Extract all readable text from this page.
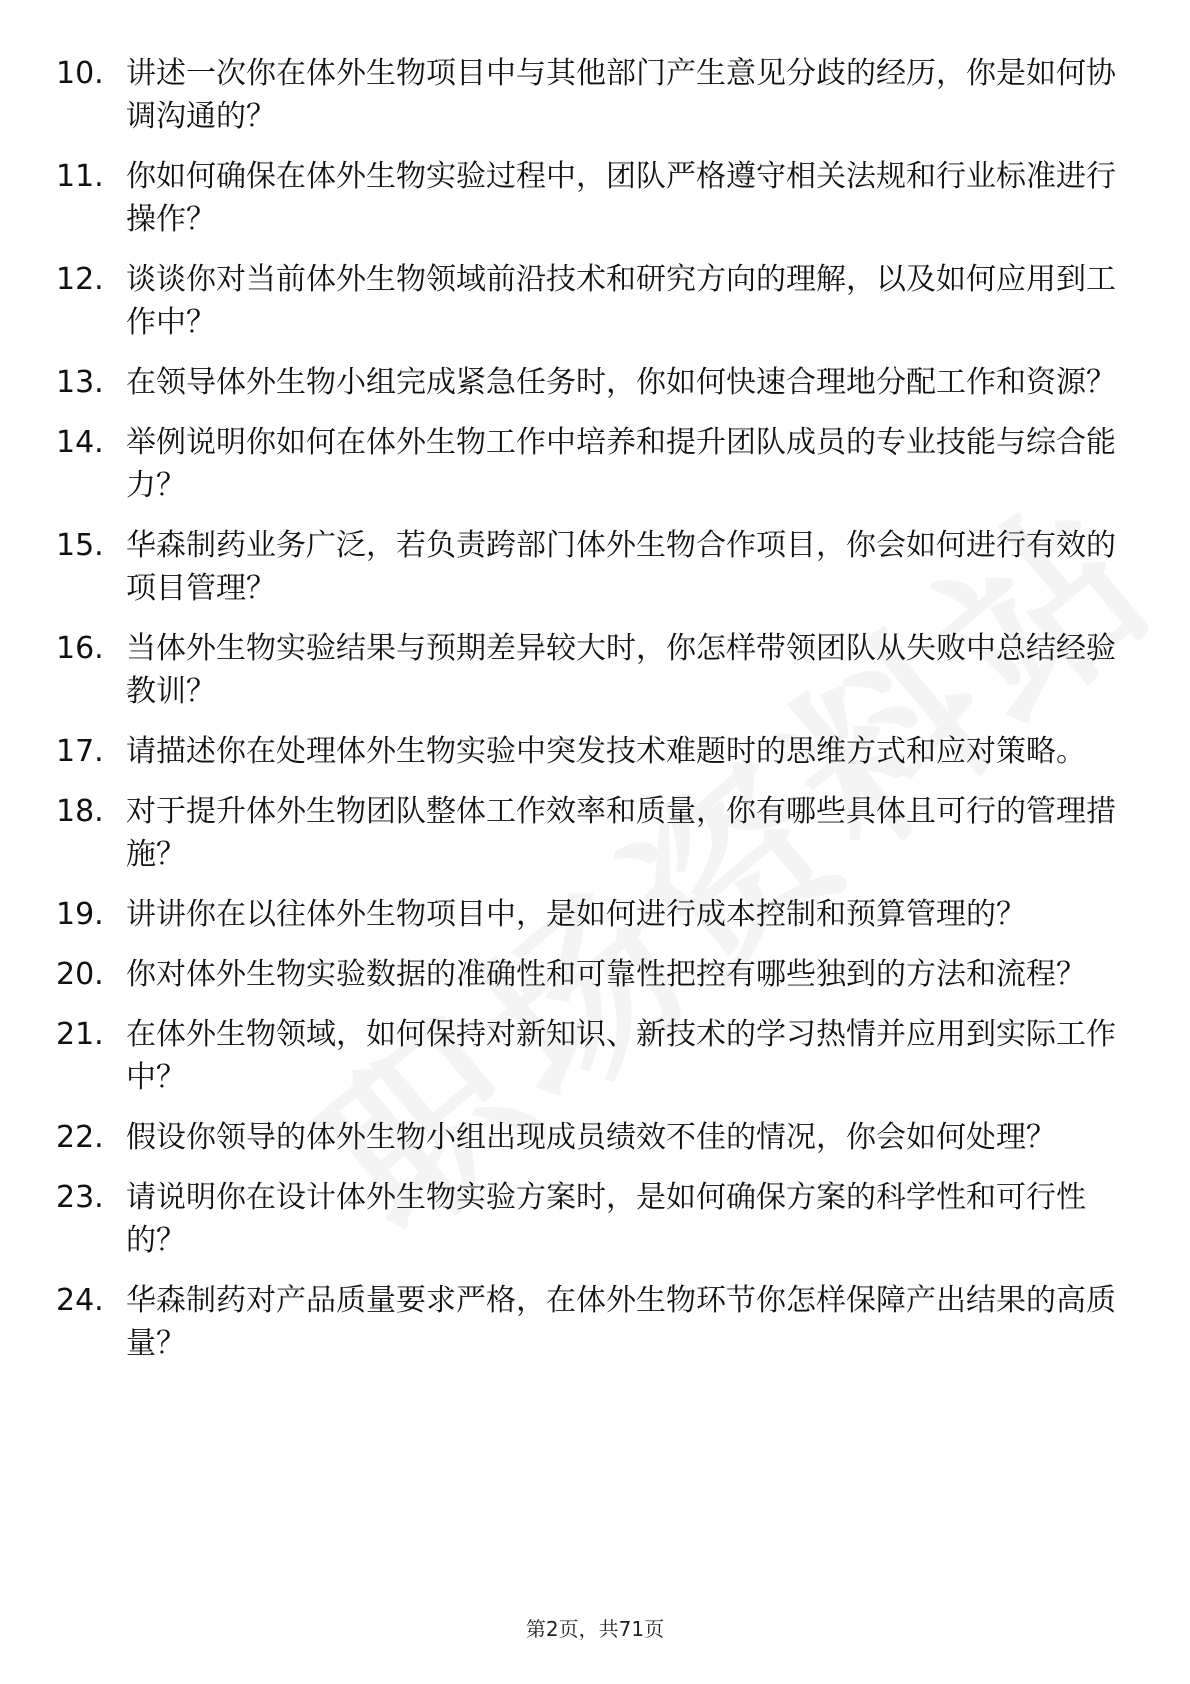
10. 讲述一次你在体外生物项目中与其他部门产生意见分歧的经历，你是如何协调沟通的？
11. 你如何确保在体外生物实验过程中，团队严格遵守相关法规和行业标准进行操作？
12. 谈谈你对当前体外生物领域前沿技术和研究方向的理解，以及如何应用到工作中？
13. 在领导体外生物小组完成紧急任务时，你如何快速合理地分配工作和资源？
14. 举例说明你如何在体外生物工作中培养和提升团队成员的专业技能与综合能力？
15. 华森制药业务广泛，若负责跨部门体外生物合作项目，你会如何进行有效的项目管理？
16. 当体外生物实验结果与预期差异较大时，你怎样带领团队从失败中总结经验教训？
17. 请描述你在处理体外生物实验中突发技术难题时的思维方式和应对策略。
18. 对于提升体外生物团队整体工作效率和质量，你有哪些具体且可行的管理措施？
19. 讲讲你在以往体外生物项目中，是如何进行成本控制和预算管理的？
20. 你对体外生物实验数据的准确性和可靠性把控有哪些独到的方法和流程？
21. 在体外生物领域，如何保持对新知识、新技术的学习热情并应用到实际工作中？
22. 假设你领导的体外生物小组出现成员绩效不佳的情况，你会如何处理？
23. 请说明你在设计体外生物实验方案时，是如何确保方案的科学性和可行性的？
24. 华森制药对产品质量要求严格，在体外生物环节你怎样保障产出结果的高质量？
第2页，共71页
